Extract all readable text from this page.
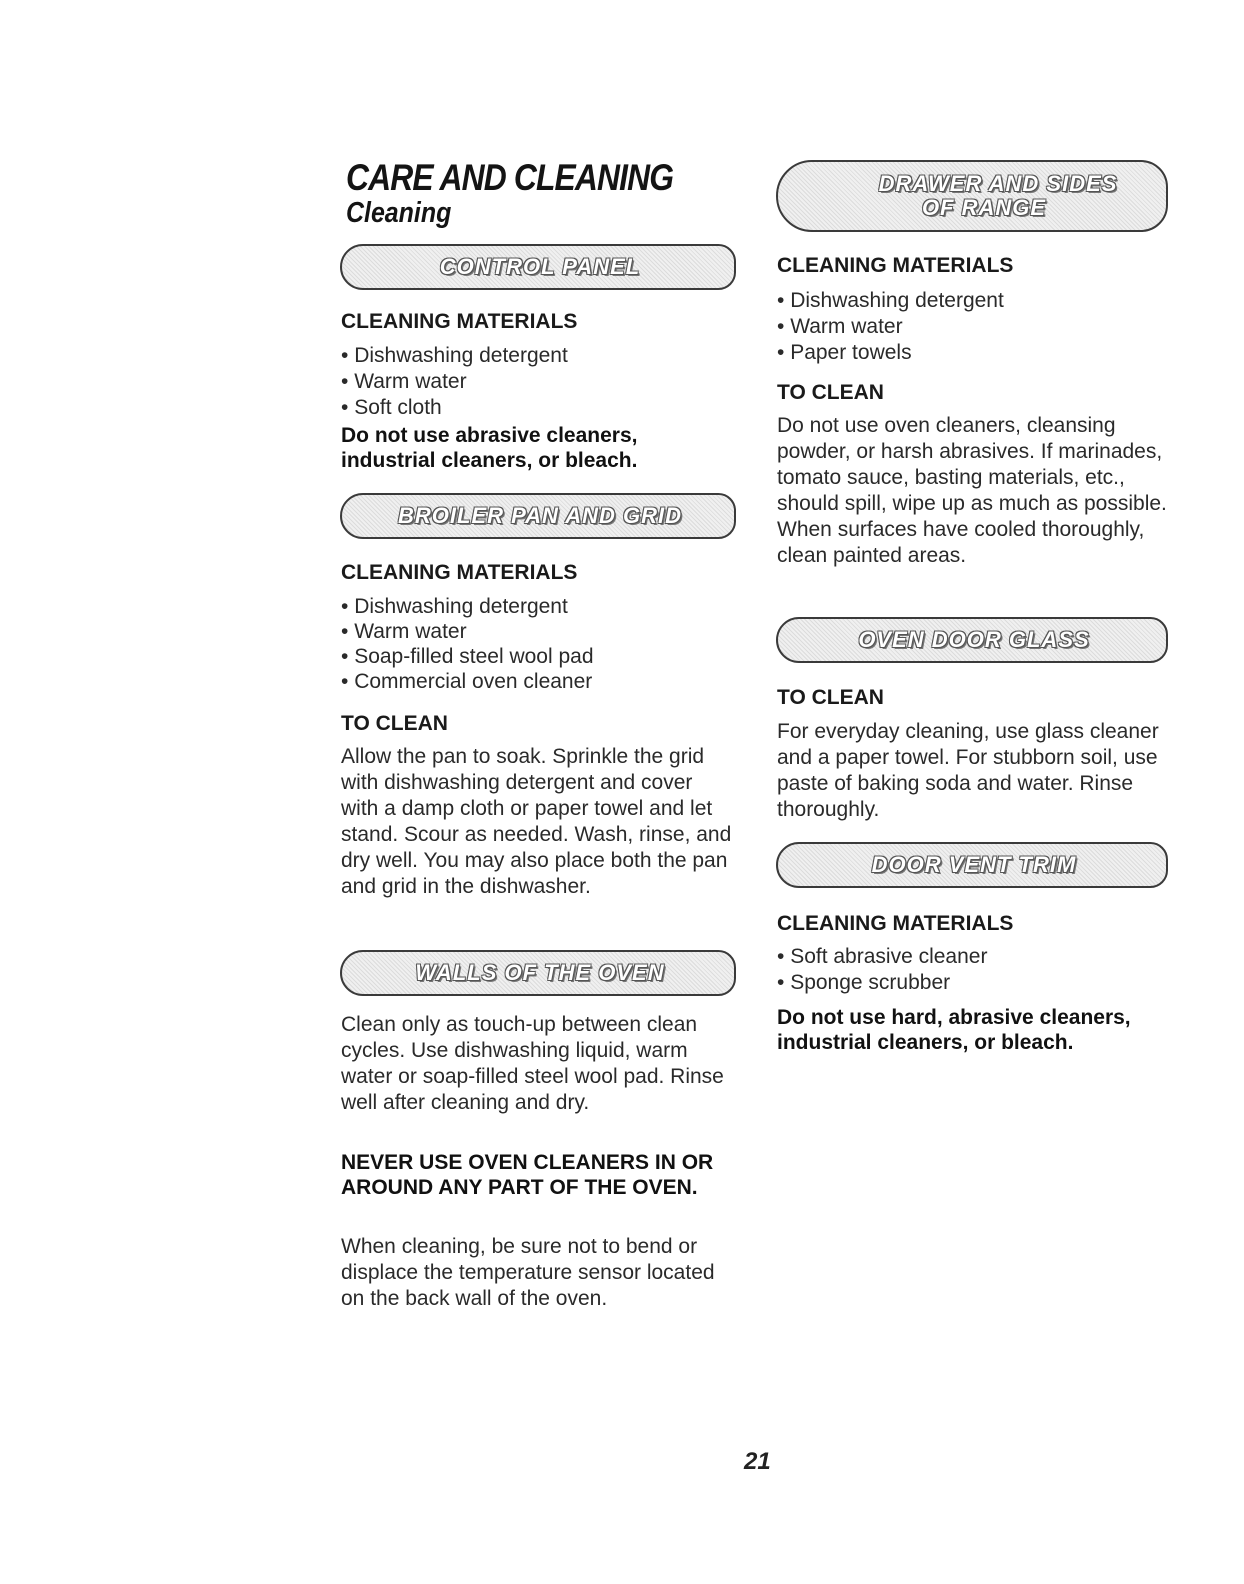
CARE AND CLEANING
Cleaning
CONTROL PANEL
CLEANING MATERIALS
• Dishwashing detergent
• Warm water
• Soft cloth

Do not use abrasive cleaners, industrial cleaners, or bleach.

BROILER PAN AND GRID
CLEANING MATERIALS
• Dishwashing detergent
• Warm water
• Soap-filled steel wool pad
• Commercial oven cleaner
TO CLEAN

Allow the pan to soak. Sprinkle the grid with dishwashing detergent and cover with a damp cloth or paper towel and let stand. Scour as needed. Wash, rinse, and dry well. You may also place both the pan and grid in the dishwasher.

WALLS OF THE OVEN

Clean only as touch-up between clean cycles. Use dishwashing liquid, warm water or soap-filled steel wool pad. Rinse well after cleaning and dry.

NEVER USE OVEN CLEANERS IN OR AROUND ANY PART OF THE OVEN.

When cleaning, be sure not to bend or displace the temperature sensor located on the back wall of the oven.

DRAWER AND SIDES
OF RANGE
CLEANING MATERIALS
• Dishwashing detergent
• Warm water
• Paper towels
TO CLEAN

Do not use oven cleaners, cleansing powder, or harsh abrasives. If marinades, tomato sauce, basting materials, etc., should spill, wipe up as much as possible. When surfaces have cooled thoroughly, clean painted areas.

OVEN DOOR GLASS
TO CLEAN

For everyday cleaning, use glass cleaner and a paper towel. For stubborn soil, use paste of baking soda and water. Rinse thoroughly.

DOOR VENT TRIM
CLEANING MATERIALS
• Soft abrasive cleaner
• Sponge scrubber

Do not use hard, abrasive cleaners, industrial cleaners, or bleach.

21
